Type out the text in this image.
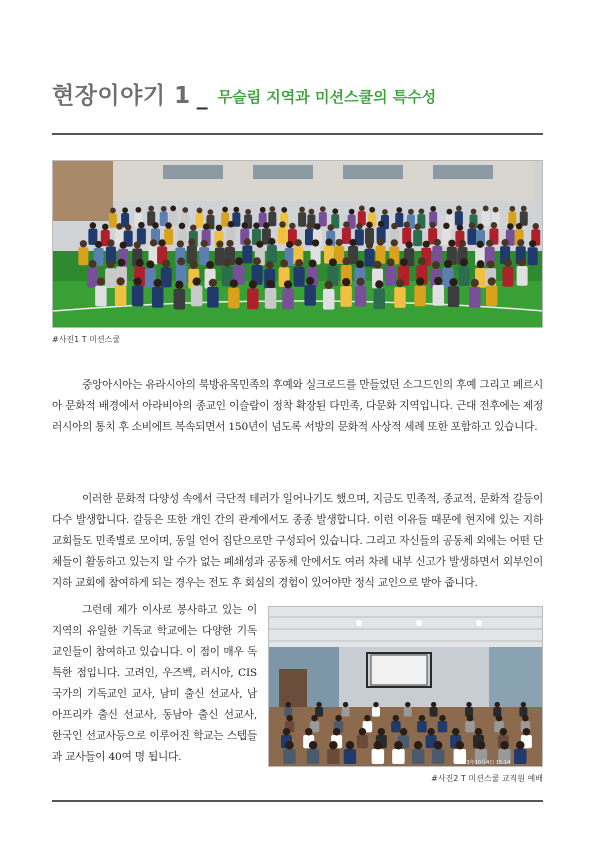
현장이야기 1 _ 무슬림 지역과 미션스쿨의 특수성
#사진1 T 미션스쿨

중앙아시아는 유라시아의 북방유목민족의 후예와 실크로드를 만들었던 소그드인의 후예 그리고 페르시아 문화적 배경에서 아라비아의 종교인 이슬람이 정착 확장된 다민족, 다문화 지역입니다. 근대 전후에는 제정 러시아의 통치 후 소비에트 복속되면서 150년이 넘도록 서방의 문화적 사상적 세례 또한 포함하고 있습니다.

이러한 문화적 다양성 속에서 극단적 테러가 일어나기도 했으며, 지금도 민족적, 종교적, 문화적 갈등이 다수 발생합니다. 갈등은 또한 개인 간의 관계에서도 종종 발생합니다. 이런 이유들 때문에 현지에 있는 지하 교회들도 민족별로 모이며, 동일 언어 집단으로만 구성되어 있습니다. 그리고 자신들의 공동체 외에는 어떤 단체들이 활동하고 있는지 알 수가 없는 폐쇄성과 공동체 안에서도 여러 차례 내부 신고가 발생하면서 외부인이 지하 교회에 참여하게 되는 경우는 전도 후 회심의 경험이 있어야만 정식 교인으로 받아 줍니다.

그런데 제가 이사로 봉사하고 있는 이 지역의 유일한 기독교 학교에는 다양한 기독교인들이 참여하고 있습니다. 이 점이 매우 독특한 점입니다. 고려인, 우즈벡, 러시아, CIS국가의 기독교인 교사, 남미 출신 선교사, 남아프리카 출신 선교사, 동남아 출신 선교사, 한국인 선교사등으로 이루어진 학교는 스텝들과 교사들이 40여 명 됩니다.	2023年10月4日 15:14
#사진2 T 미션스쿨 교직원 예배
